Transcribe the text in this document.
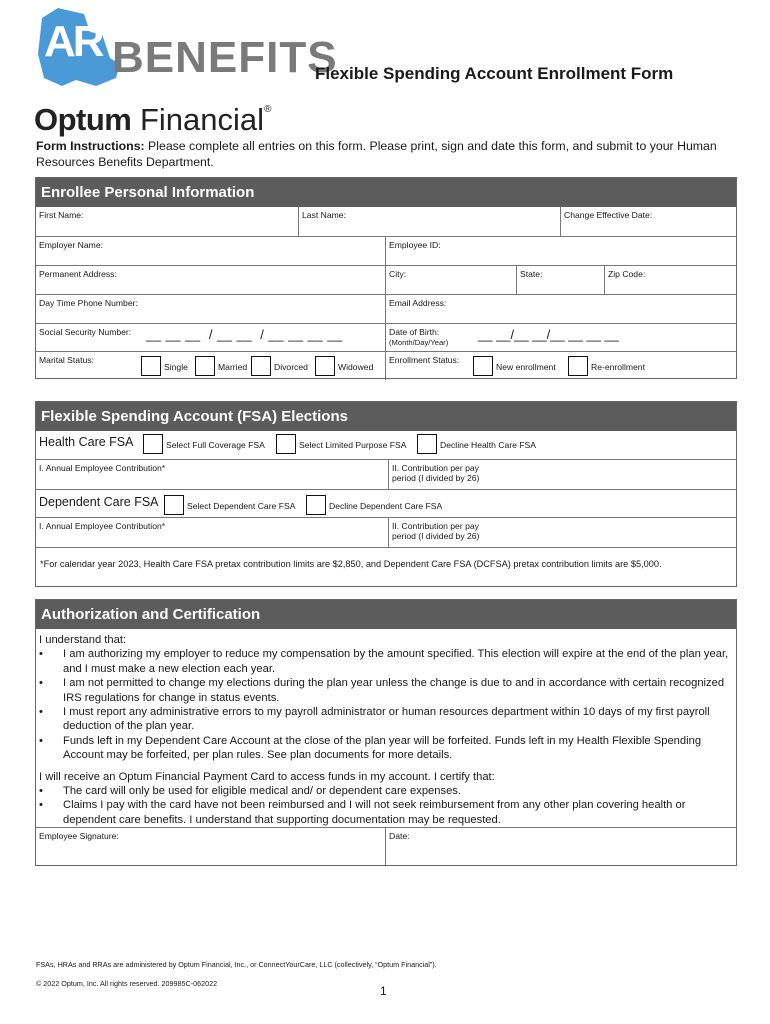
AR BENEFITS
Optum Financial®
Flexible Spending Account Enrollment Form
Form Instructions: Please complete all entries on this form. Please print, sign and date this form, and submit to your Human Resources Benefits Department.
Enrollee Personal Information
First Name:	Last Name:	Change Effective Date:
Employer Name:	Employee ID:
Permanent Address:	City:	State:	Zip Code:
Day Time Phone Number:	Email Address:
Social Security Number: __ __ __  / __ __  / __ __ __ __	Date of Birth:
(Month/Day/Year)
__ __/__ __/__ __ __ __
Marital Status:
Single	Married	Divorced	Widowed
Enrollment Status:
New enrollment	Re-enrollment
Flexible Spending Account (FSA) Elections
Health Care FSA	Select Full Coverage FSA	Select Limited Purpose FSA	Decline Health Care FSA
I. Annual Employee Contribution*	II. Contribution per pay period (I divided by 26)
Dependent Care FSA	Select Dependent Care FSA	Decline Dependent Care FSA
I. Annual Employee Contribution*	II. Contribution per pay period (I divided by 26)
*For calendar year 2023, Health Care FSA pretax contribution limits are $2,850, and Dependent Care FSA (DCFSA) pretax contribution limits are $5,000.
Authorization and Certification
I understand that:
• I am authorizing my employer to reduce my compensation by the amount specified. This election will expire at the end of the plan year, and I must make a new election each year.
• I am not permitted to change my elections during the plan year unless the change is due to and in accordance with certain recognized IRS regulations for change in status events.
• I must report any administrative errors to my payroll administrator or human resources department within 10 days of my first payroll deduction of the plan year.
• Funds left in my Dependent Care Account at the close of the plan year will be forfeited. Funds left in my Health Flexible Spending Account may be forfeited, per plan rules. See plan documents for more details.
I will receive an Optum Financial Payment Card to access funds in my account. I certify that:
• The card will only be used for eligible medical and/ or dependent care expenses.
• Claims I pay with the card have not been reimbursed and I will not seek reimbursement from any other plan covering health or dependent care benefits. I understand that supporting documentation may be requested.
Employee Signature:	Date:
FSAs, HRAs and RRAs are administered by Optum Financial, Inc., or ConnectYourCare, LLC (collectively, “Optum Financial”).
© 2022 Optum, Inc. All rights reserved. 209985C-062022
1
